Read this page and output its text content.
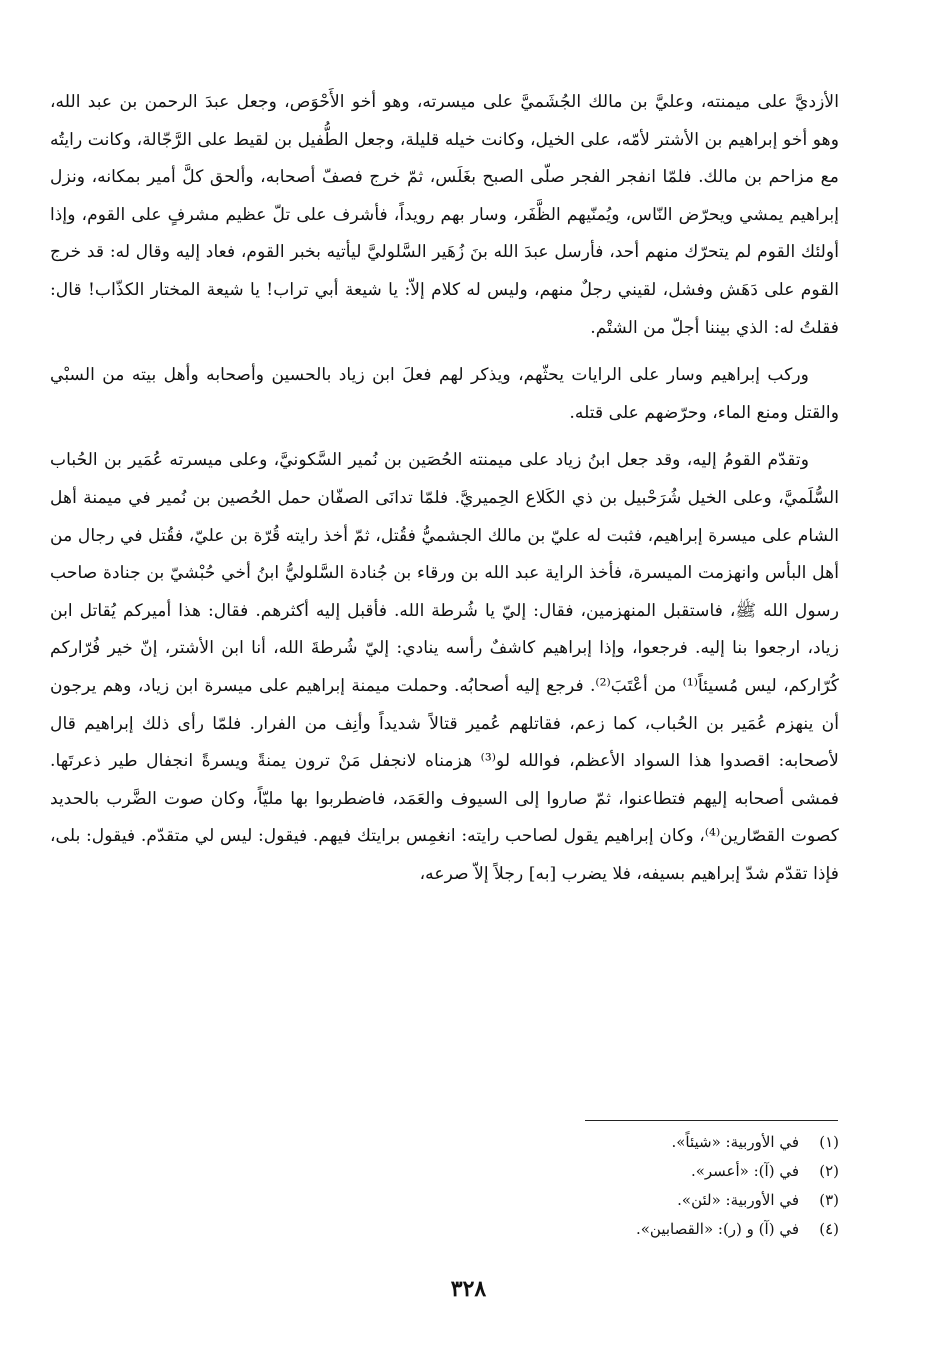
الأزديَّ على ميمنته، وعليَّ بن مالك الجُشَميَّ على ميسرته، وهو أخو الأَحْوَص، وجعل عبدَ الرحمن بن عبد الله، وهو أخو إبراهيم بن الأشتر لأمّه، على الخيل، وكانت خيله قليلة، وجعل الطُّفيل بن لقيط على الرَّجّالة، وكانت رايتُه مع مزاحم بن مالك. فلمّا انفجر الفجر صلّى الصبح بغَلَس، ثمّ خرج فصفّ أصحابه، وألحق كلَّ أمير بمكانه، ونزل إبراهيم يمشي ويحرّض النّاس، ويُمنّيهم الظَّفَر، وسار بهم رويداً، فأشرف على تلّ عظيم مشرفٍ على القوم، وإذا أولئك القوم لم يتحرّك منهم أحد، فأرسل عبدَ الله بنَ زُهَير السَّلوليَّ ليأتيه بخبر القوم، فعاد إليه وقال له: قد خرج القوم على دَهَش وفشل، لقيني رجلٌ منهم، وليس له كلام إلاّ: يا شيعة أبي تراب! يا شيعة المختار الكذّاب! قال: فقلتُ له: الذي بيننا أجلّ من الشتْم.

وركب إبراهيم وسار على الرايات يحثّهم، ويذكر لهم فعلَ ابن زياد بالحسين وأصحابه وأهل بيته من السبْي والقتل ومنع الماء، وحرّضهم على قتله.

وتقدّم القومُ إليه، وقد جعل ابنُ زياد على ميمنته الحُصَين بن نُمير السَّكونيَّ، وعلى ميسرته عُمَير بن الحُباب السُّلَميَّ، وعلى الخيل شُرَحْبيل بن ذي الكَلاع الحِميريَّ. فلمّا تدانَى الصفّان حمل الحُصين بن نُمير في ميمنة أهل الشام على ميسرة إبراهيم، فثبت له عليّ بن مالك الجشميُّ فقُتل، ثمّ أخذ رايته قُرّة بن عليّ، فقُتل في رجال من أهل البأس وانهزمت الميسرة، فأخذ الراية عبد الله بن ورقاء بن جُنادة السَّلوليُّ ابنُ أخي حُبْشيّ بن جنادة صاحب رسول الله ﷺ، فاستقبل المنهزمين، فقال: إليّ يا شُرطة الله. فأقبل إليه أكثرهم. فقال: هذا أميركم يُقاتل ابن زياد، ارجعوا بنا إليه. فرجعوا، وإذا إبراهيم كاشفٌ رأسه ينادي: إليّ شُرطةَ الله، أنا ابن الأشتر، إنّ خير فُرّاركم كُرّاركم، ليس مُسيئاً⁽¹⁾ من أعْتَبَ⁽²⁾. فرجع إليه أصحابُه. وحملت ميمنة إبراهيم على ميسرة ابن زياد، وهم يرجون أن ينهزم عُمَير بن الحُباب، كما زعم، فقاتلهم عُمير قتالاً شديداً وأنِف من الفرار. فلمّا رأى ذلك إبراهيم قال لأصحابه: اقصدوا هذا السواد الأعظم، فوالله لو⁽³⁾ هزمناه لانجفل مَنْ ترون يمنةً ويسرةً انجفال طير ذعرتَها. فمشى أصحابه إليهم فتطاعنوا، ثمّ صاروا إلى السيوف والعَمَد، فاضطربوا بها مليّاً، وكان صوت الضَّرب بالحديد كصوت القصّارين⁽⁴⁾، وكان إبراهيم يقول لصاحب رايته: انغمِس برايتك فيهم. فيقول: ليس لي متقدّم. فيقول: بلى، فإذا تقدّم شدّ إبراهيم بسيفه، فلا يضرب [به] رجلاً إلاّ صرعه،

(١)
في الأوربية: «شيئاً».
(٢)
في (آ): «أعسر».
(٣)
في الأوربية: «لئن».
(٤)
في (آ) و (ر): «القصابين».
٣٢٨
